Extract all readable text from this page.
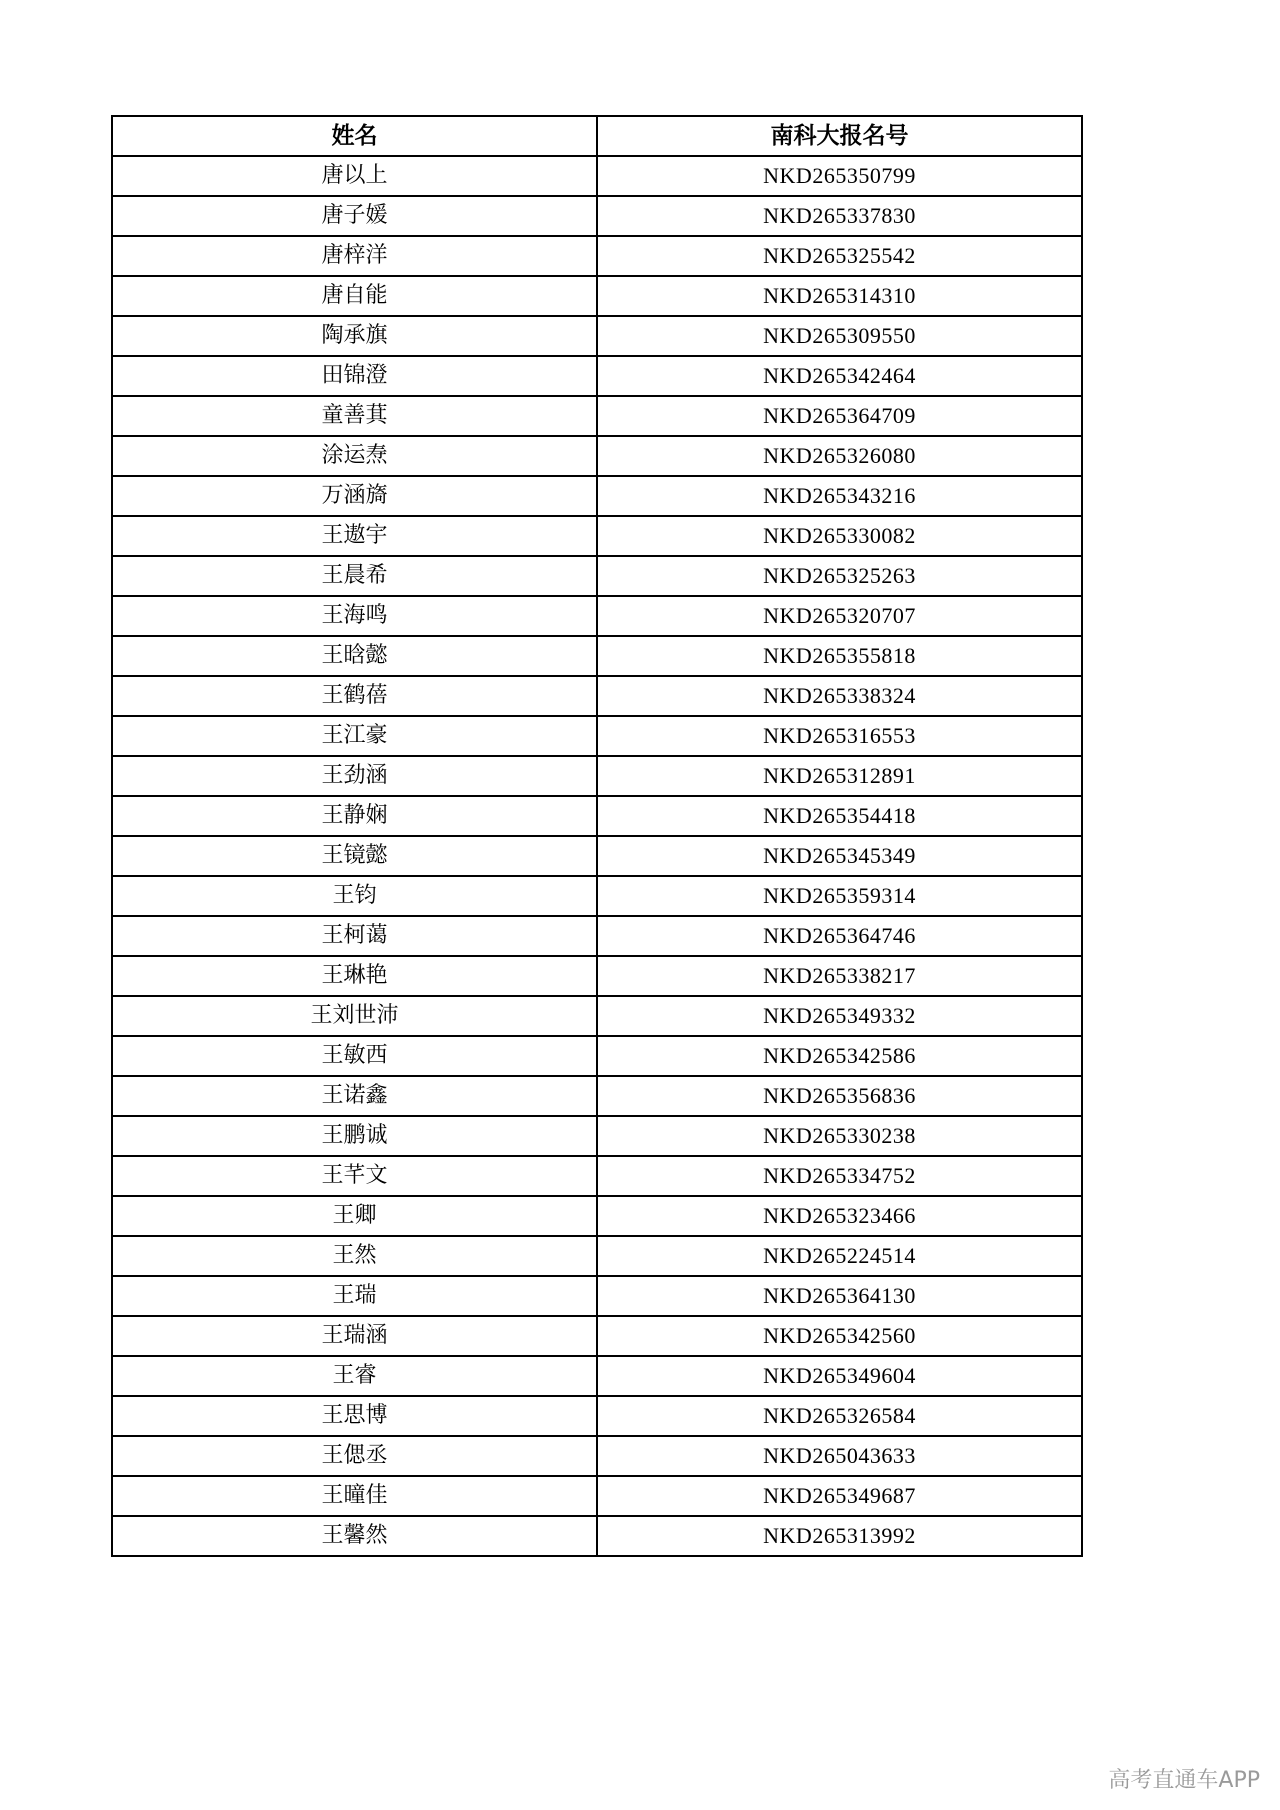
姓名	南科大报名号
唐以上	NKD265350799
唐子媛	NKD265337830
唐梓洋	NKD265325542
唐自能	NKD265314310
陶承旗	NKD265309550
田锦澄	NKD265342464
童善萁	NKD265364709
涂运焘	NKD265326080
万涵旖	NKD265343216
王遨宇	NKD265330082
王晨希	NKD265325263
王海鸣	NKD265320707
王晗懿	NKD265355818
王鹤蓓	NKD265338324
王江豪	NKD265316553
王劲涵	NKD265312891
王静娴	NKD265354418
王镜懿	NKD265345349
王钧	NKD265359314
王柯蔼	NKD265364746
王琳艳	NKD265338217
王刘世沛	NKD265349332
王敏西	NKD265342586
王诺鑫	NKD265356836
王鹏诚	NKD265330238
王芊文	NKD265334752
王卿	NKD265323466
王然	NKD265224514
王瑞	NKD265364130
王瑞涵	NKD265342560
王睿	NKD265349604
王思博	NKD265326584
王偲丞	NKD265043633
王曈佳	NKD265349687
王馨然	NKD265313992
高考直通车APP
